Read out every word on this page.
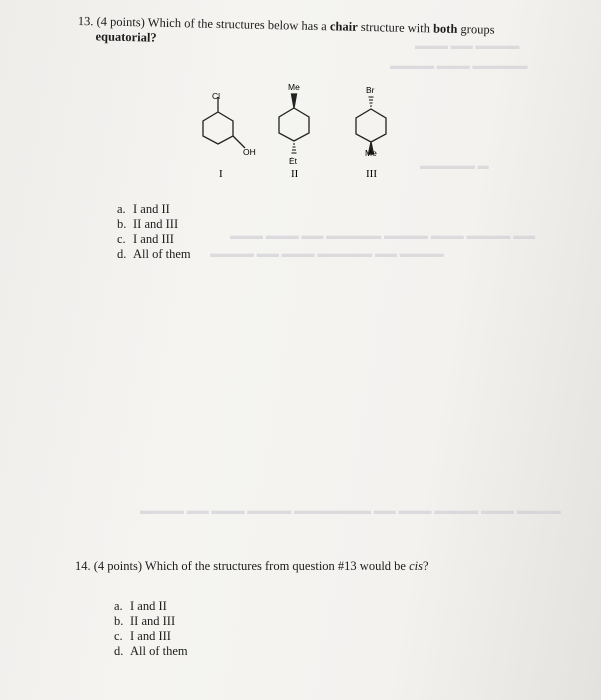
▬▬▬ ▬▬ ▬▬▬▬
▬▬▬▬ ▬▬▬ ▬▬▬▬▬
▬▬▬▬▬ ▬
▬▬▬ ▬▬▬ ▬▬ ▬▬▬▬▬ ▬▬▬▬ ▬▬▬ ▬▬▬▬ ▬▬
▬▬▬▬ ▬▬ ▬▬▬ ▬▬▬▬▬ ▬▬ ▬▬▬▬
▬▬▬▬ ▬▬ ▬▬▬ ▬▬▬▬ ▬▬▬▬▬▬▬ ▬▬ ▬▬▬ ▬▬▬▬ ▬▬▬ ▬▬▬▬
13. (4 points) Which of the structures below has a chair structure with both groups
equatorial?
Cl
OH
Me
Ėt
Br
Me
I	II	III
a. I and II
b. II and III
c. I and III
d. All of them
14. (4 points) Which of the structures from question #13 would be cis?
a. I and II
b. II and III
c. I and III
d. All of them
